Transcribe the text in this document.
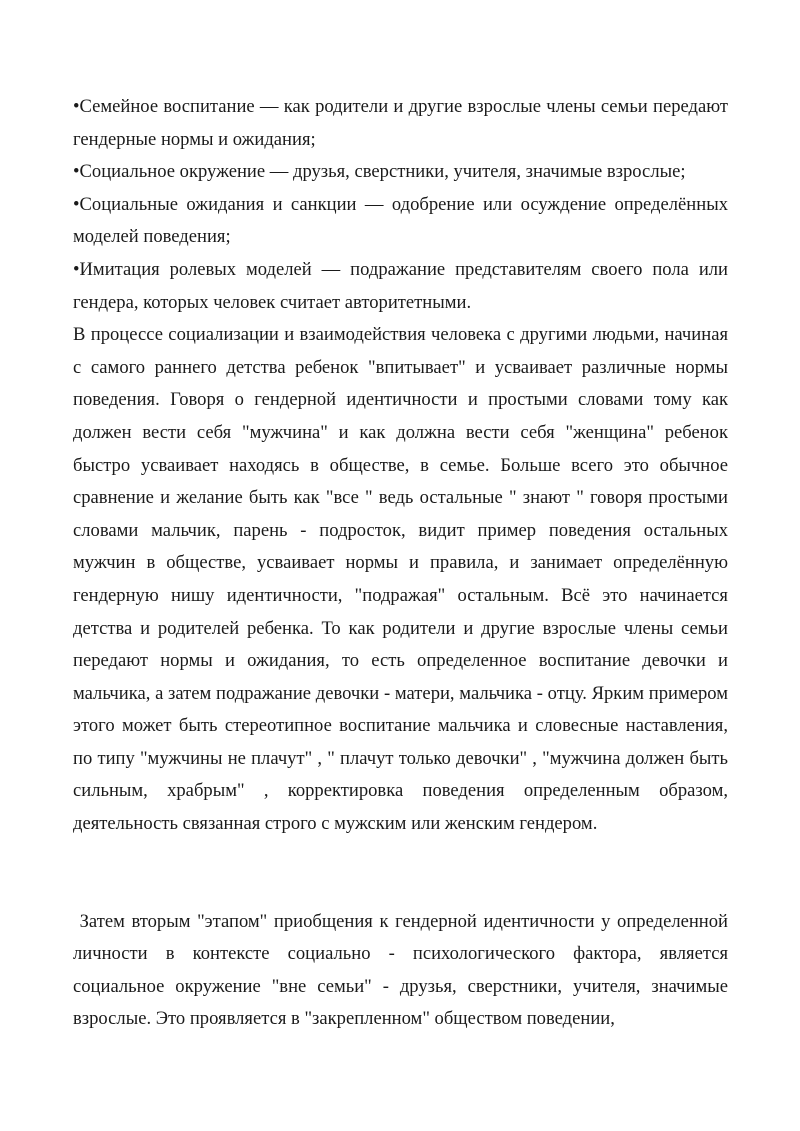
•Семейное воспитание — как родители и другие взрослые члены семьи передают гендерные нормы и ожидания;

•Социальное окружение — друзья, сверстники, учителя, значимые взрослые;

•Социальные ожидания и санкции — одобрение или осуждение определённых моделей поведения;

•Имитация ролевых моделей — подражание представителям своего пола или гендера, которых человек считает авторитетными.

В процессе социализации и взаимодействия человека с другими людьми, начиная с самого раннего детства ребенок "впитывает" и усваивает различные нормы поведения. Говоря о гендерной идентичности и простыми словами тому как должен вести себя "мужчина" и как должна вести себя "женщина" ребенок быстро усваивает находясь в обществе, в семье. Больше всего это обычное сравнение и желание быть как "все " ведь остальные " знают " говоря простыми словами мальчик, парень - подросток, видит пример поведения остальных мужчин в обществе, усваивает нормы и правила, и занимает определённую гендерную нишу идентичности, "подражая" остальным. Всё это начинается детства и родителей ребенка. То как родители и другие взрослые члены семьи передают нормы и ожидания, то есть определенное воспитание девочки и мальчика, а затем подражание девочки - матери, мальчика - отцу. Ярким примером этого может быть стереотипное воспитание мальчика и словесные наставления, по типу "мужчины не плачут" , " плачут только девочки" , "мужчина должен быть сильным, храбрым" , корректировка поведения определенным образом, деятельность связанная строго с мужским или женским гендером.

Затем вторым "этапом" приобщения к гендерной идентичности у определенной личности в контексте социально - психологического фактора, является социальное окружение "вне семьи" - друзья, сверстники, учителя, значимые взрослые. Это проявляется в "закрепленном" обществом поведении,
